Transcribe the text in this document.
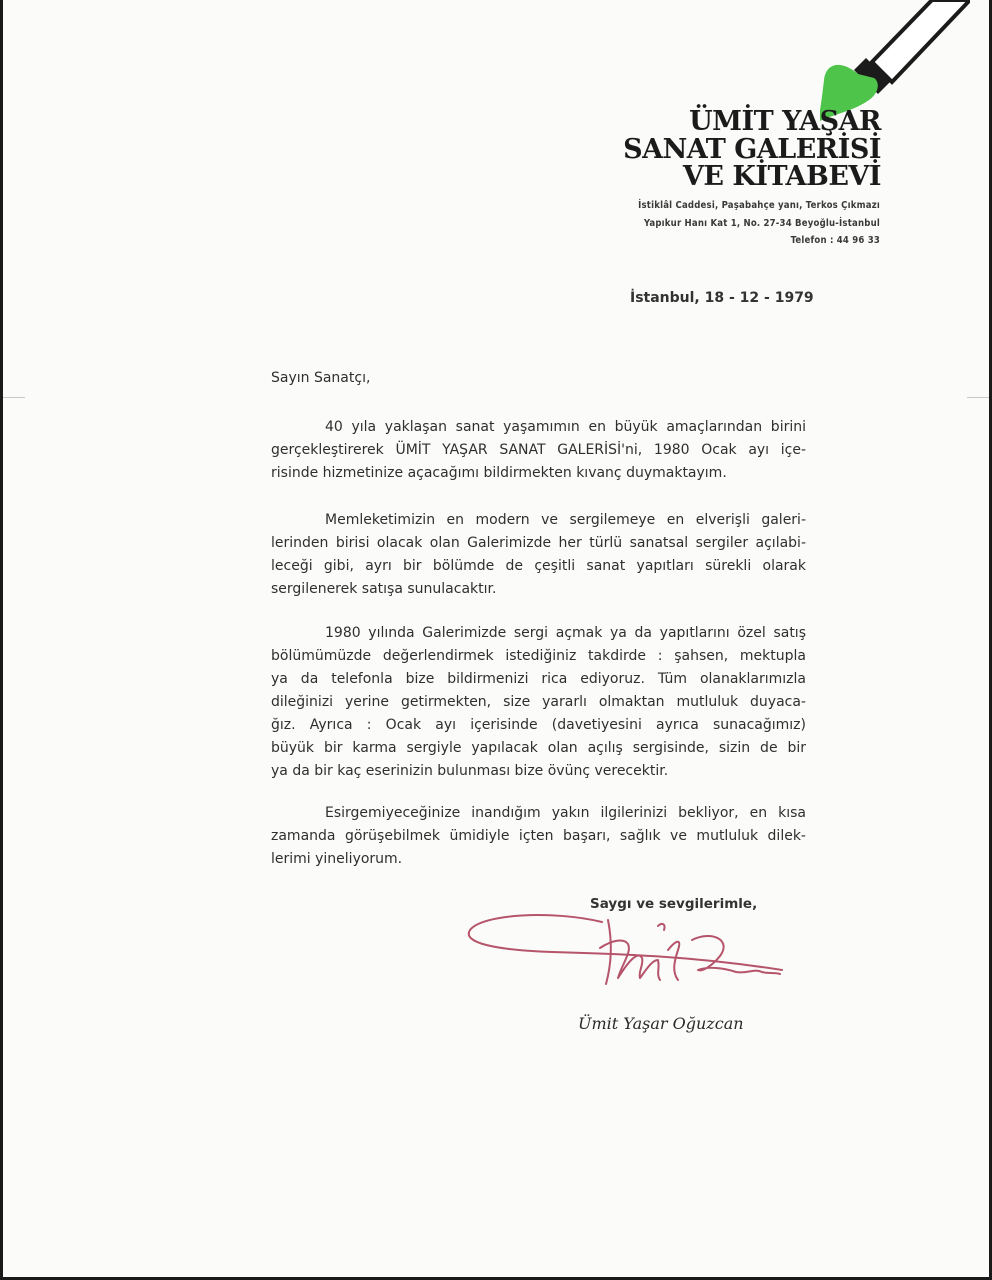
ÜMİT YAŞAR
SANAT GALERİSİ
VE KİTABEVİ
İstiklâl Caddesi, Paşabahçe yanı, Terkos Çıkmazı
Yapıkur Hanı Kat 1, No. 27-34 Beyoğlu-İstanbul
Telefon : 44 96 33
İstanbul, 18 - 12 - 1979
Sayın Sanatçı,
40 yıla yaklaşan sanat yaşamımın en büyük amaçlarından birini
gerçekleştirerek ÜMİT YAŞAR SANAT GALERİSİ'ni, 1980 Ocak ayı içe-
risinde hizmetinize açacağımı bildirmekten kıvanç duymaktayım.
Memleketimizin en modern ve sergilemeye en elverişli galeri-
lerinden birisi olacak olan Galerimizde her türlü sanatsal sergiler açılabi-
leceği gibi, ayrı bir bölümde de çeşitli sanat yapıtları sürekli olarak
sergilenerek satışa sunulacaktır.
1980 yılında Galerimizde sergi açmak ya da yapıtlarını özel satış
bölümümüzde değerlendirmek istediğiniz takdirde : şahsen, mektupla
ya da telefonla bize bildirmenizi rica ediyoruz. Tüm olanaklarımızla
dileğinizi yerine getirmekten, size yararlı olmaktan mutluluk duyaca-
ğız. Ayrıca : Ocak ayı içerisinde (davetiyesini ayrıca sunacağımız)
büyük bir karma sergiyle yapılacak olan açılış sergisinde, sizin de bir
ya da bir kaç eserinizin bulunması bize övünç verecektir.
Esirgemiyeceğinize inandığım yakın ilgilerinizi bekliyor, en kısa
zamanda görüşebilmek ümidiyle içten başarı, sağlık ve mutluluk dilek-
lerimi yineliyorum.
Saygı ve sevgilerimle,
Ümit Yaşar Oğuzcan
